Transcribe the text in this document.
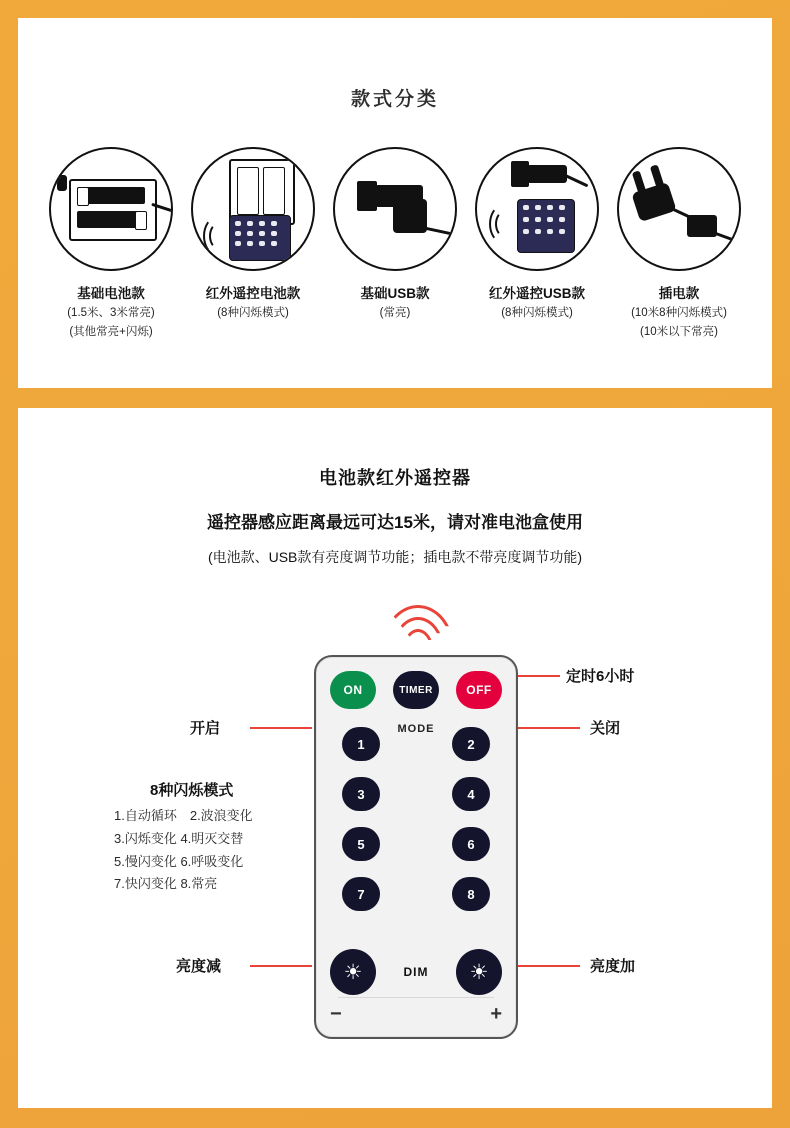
款式分类
基础电池款
(1.5米、3米常亮)
(其他常亮+闪烁)
红外遥控电池款
(8种闪烁模式)
基础USB款
(常亮)
红外遥控USB款
(8种闪烁模式)
插电款
(10米8种闪烁模式)
(10米以下常亮)
电池款红外遥控器
遥控器感应距离最远可达15米，请对准电池盒使用
(电池款、USB款有亮度调节功能；插电款不带亮度调节功能)
定时6小时
开启	关闭
亮度减	亮度加
8种闪烁模式
1.自动循环　2.波浪变化
3.闪烁变化 4.明灭交替
5.慢闪变化 6.呼吸变化
7.快闪变化 8.常亮
ON	TIMER	OFF
MODE
1	2
3	4
5	6
7	8
☀	DIM	☀
−	+
